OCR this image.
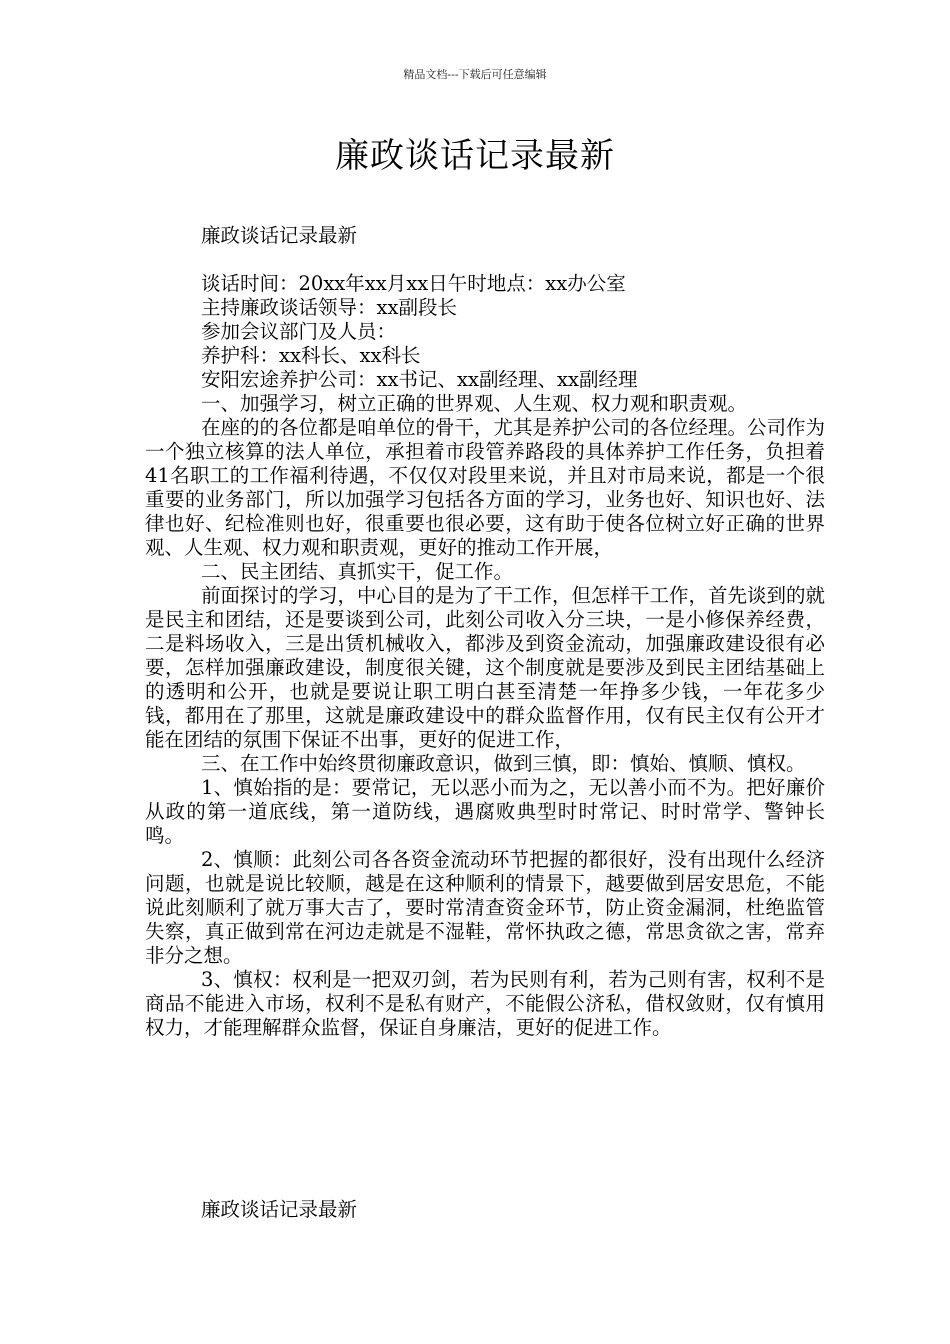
精品文档---下载后可任意编辑
廉政谈话记录最新

廉政谈话记录最新

谈话时间：20xx年xx月xx日午时地点：xx办公室

主持廉政谈话领导：xx副段长

参加会议部门及人员：

养护科：xx科长、xx科长

安阳宏途养护公司：xx书记、xx副经理、xx副经理

一、加强学习，树立正确的世界观、人生观、权力观和职责观。

在座的的各位都是咱单位的骨干，尤其是养护公司的各位经理。公司作为一个独立核算的法人单位，承担着市段管养路段的具体养护工作任务，负担着41名职工的工作福利待遇，不仅仅对段里来说，并且对市局来说，都是一个很重要的业务部门，所以加强学习包括各方面的学习，业务也好、知识也好、法律也好、纪检准则也好，很重要也很必要，这有助于使各位树立好正确的世界观、人生观、权力观和职责观，更好的推动工作开展，

二、民主团结、真抓实干，促工作。

前面探讨的学习，中心目的是为了干工作，但怎样干工作，首先谈到的就是民主和团结，还是要谈到公司，此刻公司收入分三块，一是小修保养经费，二是料场收入，三是出赁机械收入，都涉及到资金流动，加强廉政建设很有必要，怎样加强廉政建设，制度很关键，这个制度就是要涉及到民主团结基础上的透明和公开，也就是要说让职工明白甚至清楚一年挣多少钱，一年花多少钱，都用在了那里，这就是廉政建设中的群众监督作用，仅有民主仅有公开才能在团结的氛围下保证不出事，更好的促进工作，

三、在工作中始终贯彻廉政意识，做到三慎，即：慎始、慎顺、慎权。

1、慎始指的是：要常记，无以恶小而为之，无以善小而不为。把好廉价从政的第一道底线，第一道防线，遇腐败典型时时常记、时时常学、警钟长鸣。

2、慎顺：此刻公司各各资金流动环节把握的都很好，没有出现什么经济问题，也就是说比较顺，越是在这种顺利的情景下，越要做到居安思危，不能说此刻顺利了就万事大吉了，要时常清查资金环节，防止资金漏洞，杜绝监管失察，真正做到常在河边走就是不湿鞋，常怀执政之德，常思贪欲之害，常弃非分之想。

3、慎权：权利是一把双刃剑，若为民则有利，若为己则有害，权利不是商品不能进入市场，权利不是私有财产，不能假公济私，借权敛财，仅有慎用权力，才能理解群众监督，保证自身廉洁，更好的促进工作。

廉政谈话记录最新
